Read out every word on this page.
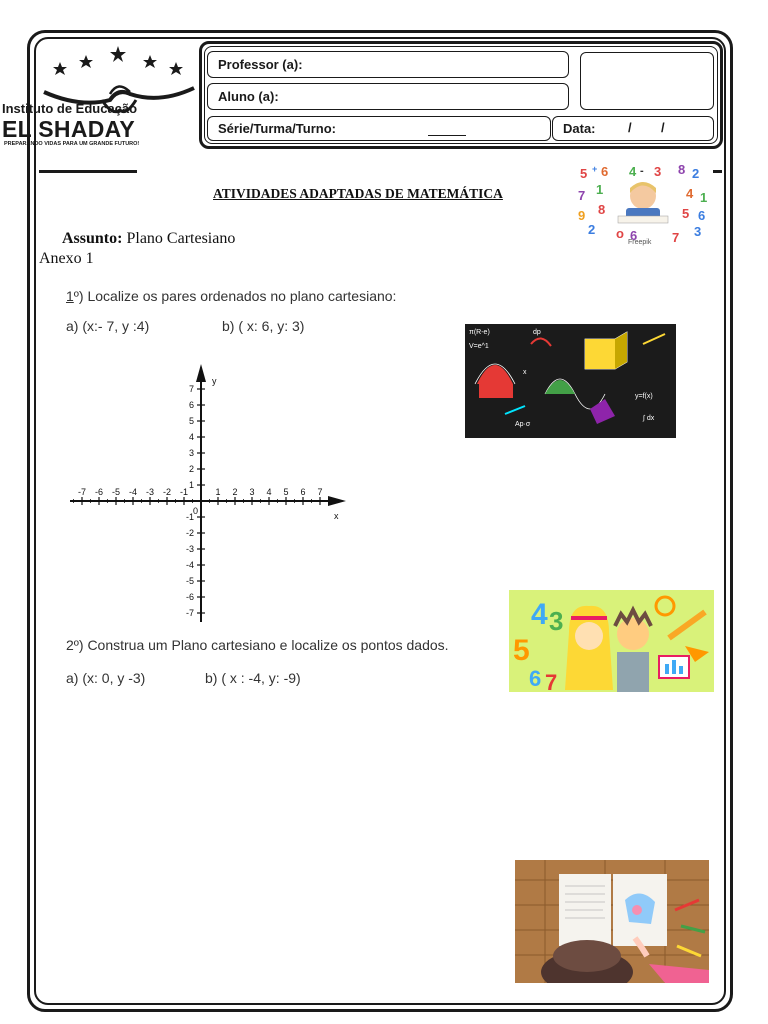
Instituto de Educação
EL SHADAY
PREPARANDO VIDAS PARA UM GRANDE FUTURO!
Professor (a):
Aluno (a):
Série/Turma/Turno:	Data: / /
ATIVIDADES ADAPTADAS DE MATEMÁTICA
Assunto: Plano Cartesiano
Anexo 1
5 + 6 4 - 3 8 2
7 1	4 1
9 8	5 6
2 o 6	7 3
Freepik
1º) Localize os pares ordenados no plano cartesiano:
a) (x:- 7, y :4)	b) ( x: 6, y: 3)	π(R-e)
V=e^1
dp
y=f(x)
x
∫ dx
Ap·σ
-7 -6 -5 -4 -3 -2 -1	1 2 3 4 5 6 7
7
6
5
4
3
2
1
-1
-2
-3
-4
-5
-6
-7
0	x
y
4 3
5
6 7
2º) Construa um Plano cartesiano e localize os pontos dados.
a) (x: 0, y -3)	b) ( x : -4, y: -9)
